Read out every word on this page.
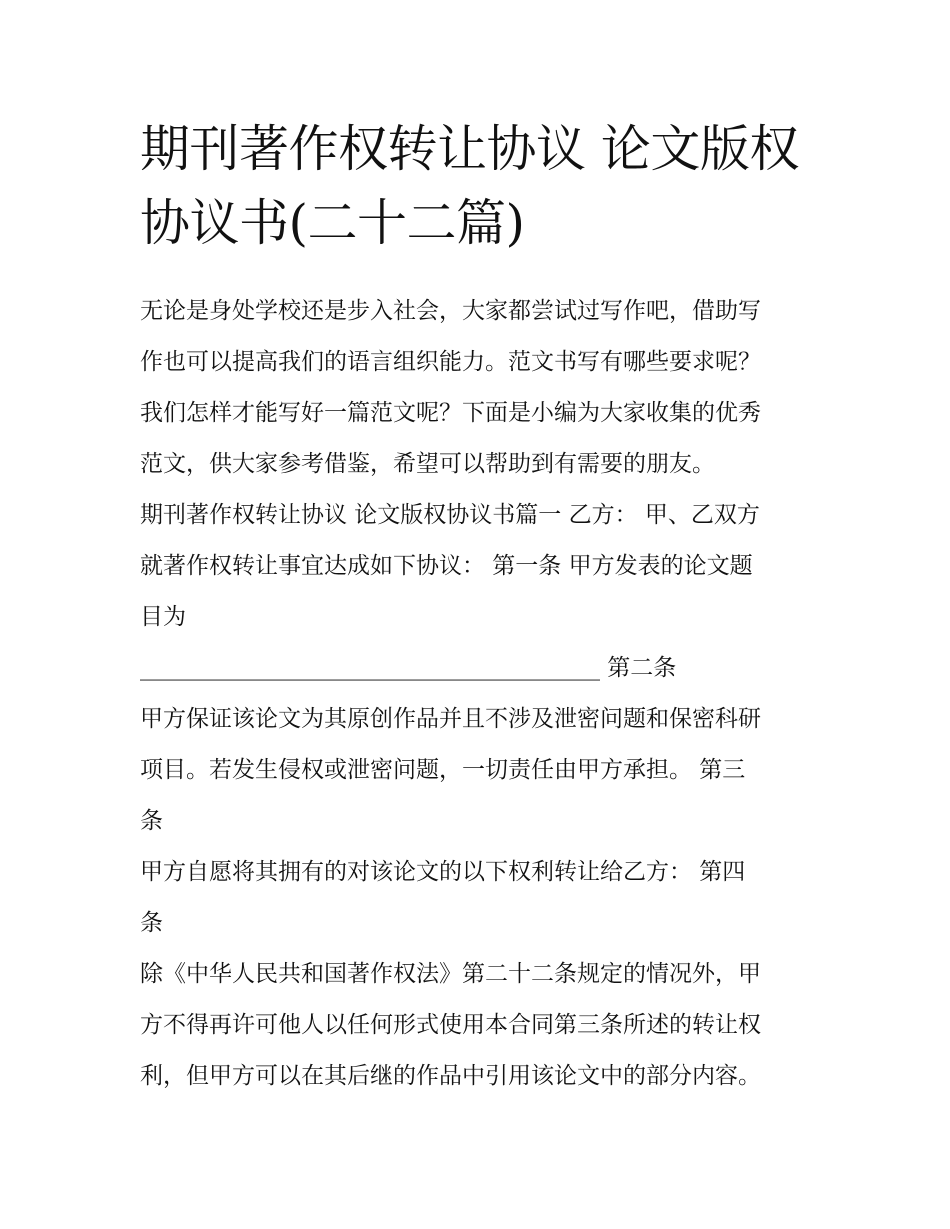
期刊著作权转让协议 论文版权
协议书(二十二篇)

无论是身处学校还是步入社会，大家都尝试过写作吧，借助写
作也可以提高我们的语言组织能力。范文书写有哪些要求呢？
我们怎样才能写好一篇范文呢？下面是小编为大家收集的优秀
范文，供大家参考借鉴，希望可以帮助到有需要的朋友。

期刊著作权转让协议 论文版权协议书篇一 乙方： 甲、乙双方
就著作权转让事宜达成如下协议： 第一条 甲方发表的论文题
目为

________________________________________ 第二条

甲方保证该论文为其原创作品并且不涉及泄密问题和保密科研
项目。若发生侵权或泄密问题，一切责任由甲方承担。 第三
条

甲方自愿将其拥有的对该论文的以下权利转让给乙方： 第四
条

除《中华人民共和国著作权法》第二十二条规定的情况外，甲
方不得再许可他人以任何形式使用本合同第三条所述的转让权
利，但甲方可以在其后继的作品中引用该论文中的部分内容。
